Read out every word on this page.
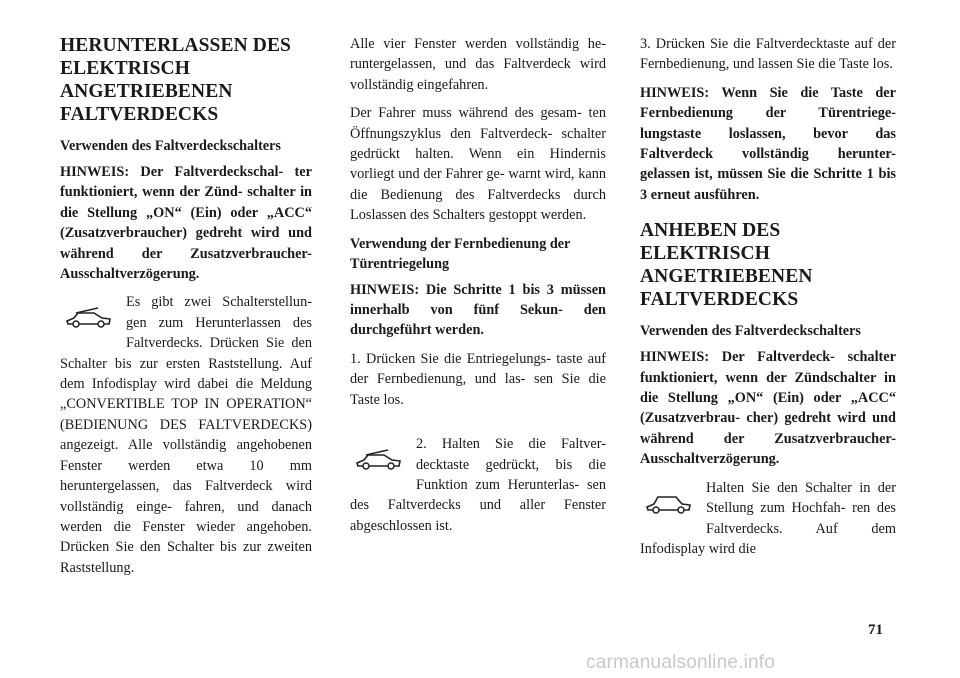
HERUNTERLASSEN DES ELEKTRISCH ANGETRIEBENEN FALTVERDECKS
Verwenden des Faltverdeckschalters

HINWEIS: Der Faltverdeckschal- ter funktioniert, wenn der Zünd- schalter in die Stellung „ON“ (Ein) oder „ACC“ (Zusatzverbraucher) gedreht wird und während der Zusatzverbraucher- Ausschaltverzögerung.

Es gibt zwei Schalterstellun- gen zum Herunterlassen des Faltverdecks. Drücken Sie den Schalter bis zur ersten Raststellung. Auf dem Infodisplay wird dabei die Meldung „CONVERTIBLE TOP IN OPERATION“ (BEDIENUNG DES FALTVERDECKS) angezeigt. Alle vollständig angehobenen Fenster werden etwa 10 mm heruntergelassen, das Faltverdeck wird vollständig einge- fahren, und danach werden die Fenster wieder angehoben. Drücken Sie den Schalter bis zur zweiten Raststellung.

Alle vier Fenster werden vollständig he- runtergelassen, und das Faltverdeck wird vollständig eingefahren.

Der Fahrer muss während des gesam- ten Öffnungszyklus den Faltverdeck- schalter gedrückt halten. Wenn ein Hindernis vorliegt und der Fahrer ge- warnt wird, kann die Bedienung des Faltverdecks durch Loslassen des Schalters gestoppt werden.

Verwendung der Fernbedienung der Türentriegelung

HINWEIS: Die Schritte 1 bis 3 müssen innerhalb von fünf Sekun- den durchgeführt werden.

1. Drücken Sie die Entriegelungs- taste auf der Fernbedienung, und las- sen Sie die Taste los.

2. Halten Sie die Faltver- decktaste gedrückt, bis die Funktion zum Herunterlas- sen des Faltverdecks und aller Fenster abgeschlossen ist.

3. Drücken Sie die Faltverdecktaste auf der Fernbedienung, und lassen Sie die Taste los.

HINWEIS: Wenn Sie die Taste der Fernbedienung der Türentriege- lungstaste loslassen, bevor das Faltverdeck vollständig herunter- gelassen ist, müssen Sie die Schritte 1 bis 3 erneut ausführen.

ANHEBEN DES ELEKTRISCH ANGETRIEBENEN FALTVERDECKS
Verwenden des Faltverdeckschalters

HINWEIS: Der Faltverdeck- schalter funktioniert, wenn der Zündschalter in die Stellung „ON“ (Ein) oder „ACC“ (Zusatzverbrau- cher) gedreht wird und während der Zusatzverbraucher- Ausschaltverzögerung.

Halten Sie den Schalter in der Stellung zum Hochfah- ren des Faltverdecks. Auf dem Infodisplay wird die

71
carmanualsonline.info
